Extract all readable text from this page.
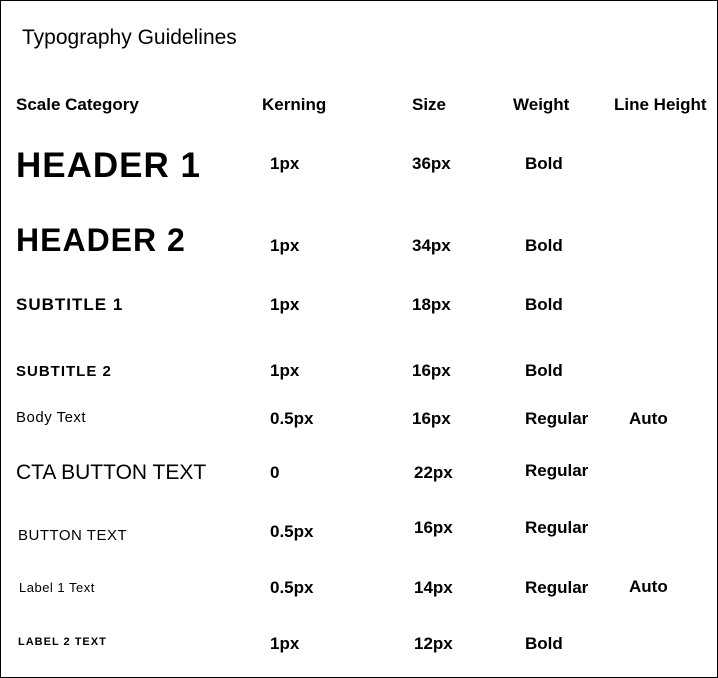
Typography Guidelines
Scale Category	Kerning	Size	Weight	Line Height
HEADER 1	1px	36px	Bold
HEADER 2	1px	34px	Bold
SUBTITLE 1	1px	18px	Bold
SUBTITLE 2	1px	16px	Bold
Body Text	0.5px	16px	Regular Auto
CTA BUTTON TEXT	0	22px	Regular
BUTTON TEXT	0.5px	16px	Regular
Label 1 Text	0.5px	14px	Regular Auto
LABEL 2 TEXT	1px	12px	Bold
